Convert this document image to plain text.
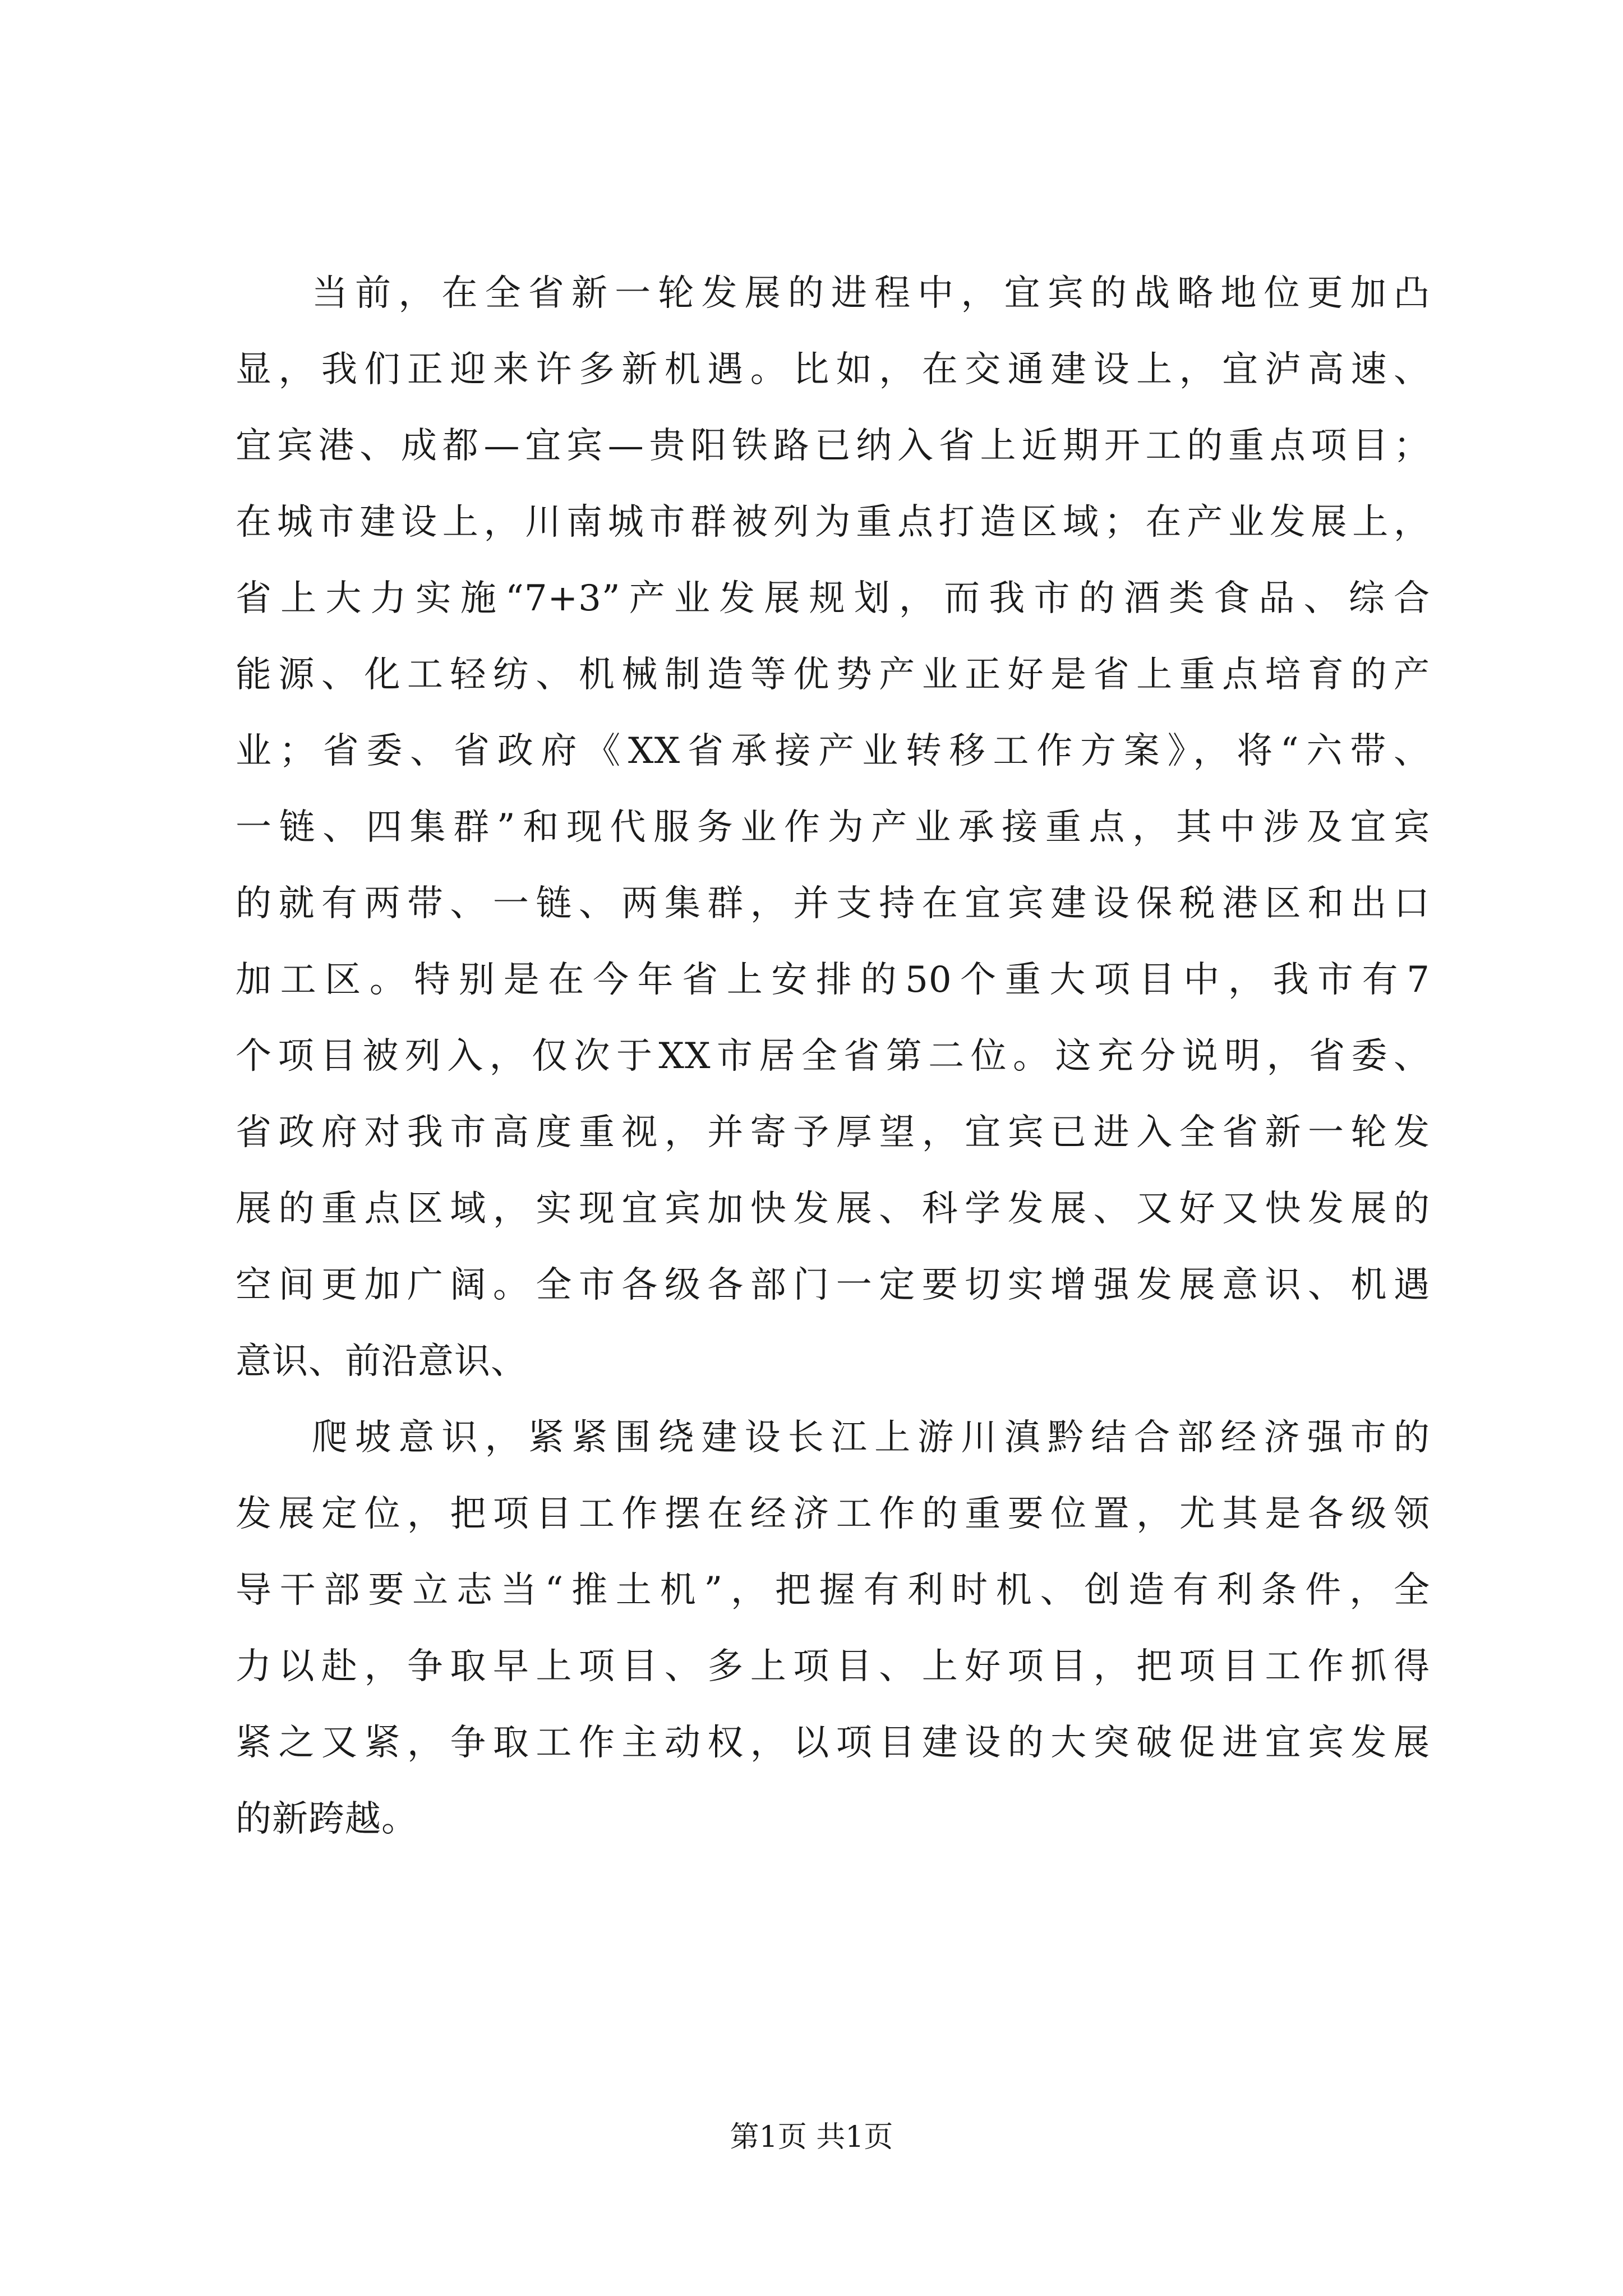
当前，在全省新一轮发展的进程中，宜宾的战略地位更加凸
显，我们正迎来许多新机遇。比如，在交通建设上，宜泸高速、
宜宾港、成都—宜宾—贵阳铁路已纳入省上近期开工的重点项目；
在城市建设上，川南城市群被列为重点打造区域；在产业发展上，
省上大力实施“7+3”产业发展规划，而我市的酒类食品、综合
能源、化工轻纺、机械制造等优势产业正好是省上重点培育的产
业；省委、省政府《XX省承接产业转移工作方案》，将“六带、
一链、四集群”和现代服务业作为产业承接重点，其中涉及宜宾
的就有两带、一链、两集群，并支持在宜宾建设保税港区和出口
加工区。特别是在今年省上安排的50个重大项目中，我市有7
个项目被列入，仅次于XX市居全省第二位。这充分说明，省委、
省政府对我市高度重视，并寄予厚望，宜宾已进入全省新一轮发
展的重点区域，实现宜宾加快发展、科学发展、又好又快发展的
空间更加广阔。全市各级各部门一定要切实增强发展意识、机遇
意识、前沿意识、
爬坡意识，紧紧围绕建设长江上游川滇黔结合部经济强市的
发展定位，把项目工作摆在经济工作的重要位置，尤其是各级领
导干部要立志当“推土机”，把握有利时机、创造有利条件，全
力以赴，争取早上项目、多上项目、上好项目，把项目工作抓得
紧之又紧，争取工作主动权，以项目建设的大突破促进宜宾发展
的新跨越。
第1页 共1页
